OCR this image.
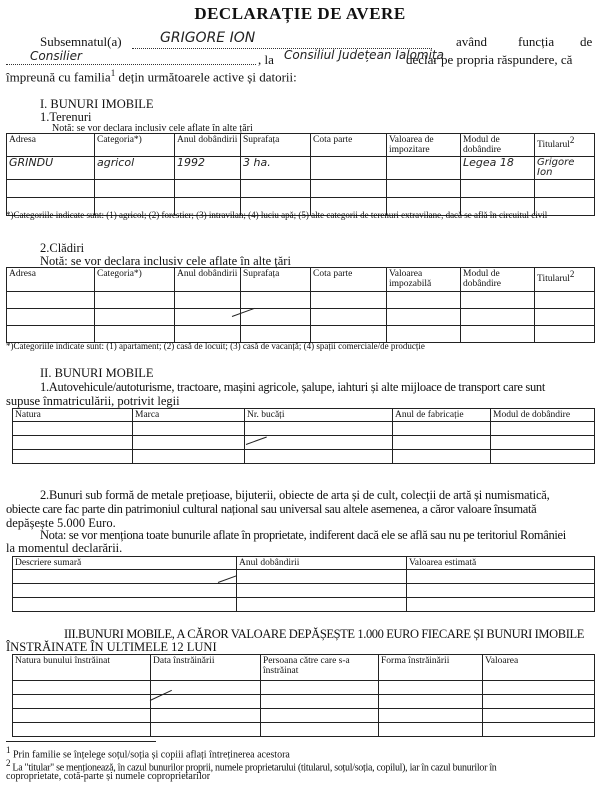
DECLARAȚIE DE AVERE
Subsemnatul(a)	GRIGORE ION	având funcția de
Consilier	, la Consiliul Județean Ialomița
declar pe propria răspundere, că
împreună cu familia$^1$ dețin următoarele active și datorii:
I. BUNURI IMOBILE
1.Terenuri
Notă: se vor declara inclusiv cele aflate în alte țări
Adresa	Categoria*)	Anul dobândirii	Suprafața	Cota parte	Valoarea de impozitare	Modul de dobândire	Titularul$^2$
GRINDU	agricol	1992	3 ha.			Legea 18	Grigore Ion

*)Categoriile indicate sunt: (1) agricol; (2) forestier; (3) intravilan; (4) luciu apă; (5) alte categorii de terenuri extravilane, dacă se află în circuitul civil
2.Clădiri
Notă: se vor declara inclusiv cele aflate în alte țări
Adresa	Categoria*)	Anul dobândirii	Suprafața	Cota parte	Valoarea impozabilă	Modul de dobândire	Titularul$^2$

*)Categoriile indicate sunt: (1) apartament; (2) casă de locuit; (3) casă de vacanță; (4) spații comerciale/de producție
II. BUNURI MOBILE
1.Autovehicule/autoturisme, tractoare, mașini agricole, șalupe, iahturi și alte mijloace de transport care sunt
supuse înmatriculării, potrivit legii
Natura	Marca	Nr. bucăți	Anul de fabricație	Modul de dobândire

2.Bunuri sub formă de metale prețioase, bijuterii, obiecte de arta și de cult, colecții de artă și numismatică,
obiecte care fac parte din patrimoniul cultural național sau universal sau altele asemenea, a căror valoare însumată
depășește 5.000 Euro.
Nota: se vor menționa toate bunurile aflate în proprietate, indiferent dacă ele se află sau nu pe teritoriul României
la momentul declarării.
Descriere sumară	Anul dobândirii	Valoarea estimată

III.BUNURI MOBILE, A CĂROR VALOARE DEPĂȘEȘTE 1.000 EURO FIECARE ȘI BUNURI IMOBILE
ÎNSTRĂINATE ÎN ULTIMELE 12 LUNI
Natura bunului înstrăinat	Data înstrăinării	Persoana către care s-a înstrăinat	Forma înstrăinării	Valoarea

$^1$ Prin familie se înțelege soțul/soția și copiii aflați întreținerea acestora
$^2$ La "titular" se menționează, în cazul bunurilor proprii, numele proprietarului (titularul, soțul/soția, copilul), iar în cazul bunurilor în
coproprietate, cotă-parte și numele coproprietarilor
